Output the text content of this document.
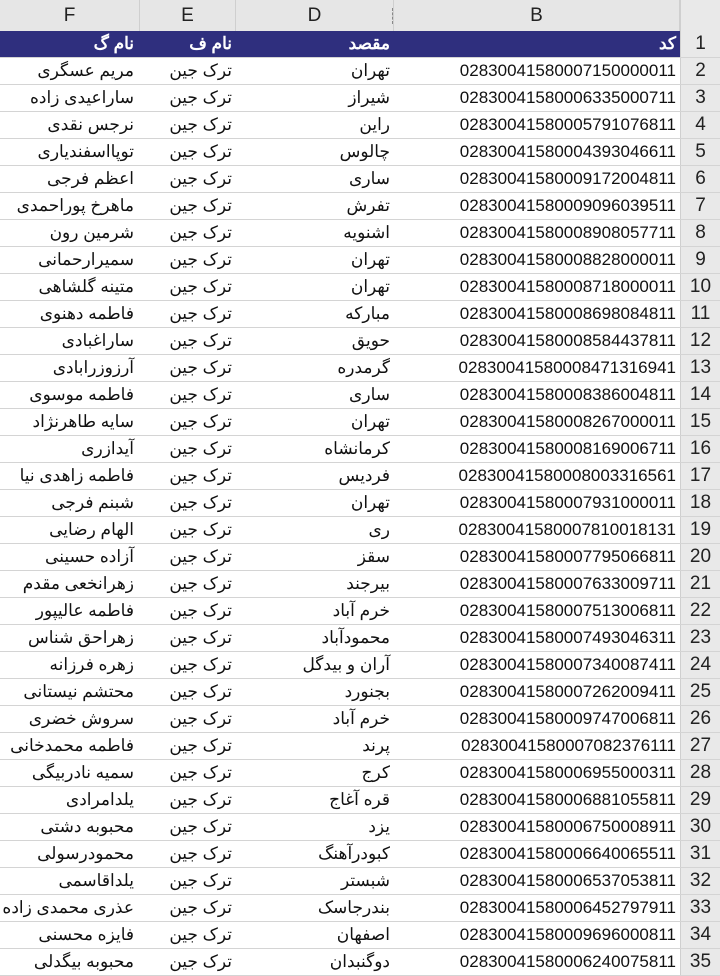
F	E	D	B
نام گ	نام ف	مقصد	کد	1
مریم عسگری	ترک جین	تهران	02830041580007150000011	2
ساراعیدی زاده	ترک جین	شیراز	02830041580006335000711	3
نرجس نقدی	ترک جین	راین	02830041580005791076811	4
توپااسفندیاری	ترک جین	چالوس	02830041580004393046611	5
اعظم فرجی	ترک جین	ساری	02830041580009172004811	6
ماهرخ پوراحمدی	ترک جین	تفرش	02830041580009096039511	7
شرمین رون	ترک جین	اشنویه	02830041580008908057711	8
سمیرارحمانی	ترک جین	تهران	02830041580008828000011	9
متینه گلشاهی	ترک جین	تهران	02830041580008718000011 10
فاطمه دهنوی	ترک جین	مبارکه	02830041580008698084811 11
ساراغبادی	ترک جین	حویق	02830041580008584437811 12
آرزوزرابادی	ترک جین	گرمدره	02830041580008471316941 13
فاطمه موسوی	ترک جین	ساری	02830041580008386004811 14
سایه طاهرنژاد	ترک جین	تهران	02830041580008267000011 15
آیدازری	ترک جین	کرمانشاه	02830041580008169006711 16
فاطمه زاهدی نیا	ترک جین	فردیس	02830041580008003316561 17
شبنم فرجی	ترک جین	تهران	02830041580007931000011 18
الهام رضایی	ترک جین	ری	02830041580007810018131 19
آزاده حسینی	ترک جین	سقز	02830041580007795066811 20
زهرانخعی مقدم	ترک جین	بیرجند	02830041580007633009711 21
فاطمه عالیپور	ترک جین	خرم آباد	02830041580007513006811 22
زهراحق شناس	ترک جین	محمودآباد	02830041580007493046311 23
زهره فرزانه	ترک جین	آران و بیدگل	02830041580007340087411 24
محتشم نیستانی	ترک جین	بجنورد	02830041580007262009411 25
سروش خضری	ترک جین	خرم آباد	02830041580009747006811 26
فاطمه محمدخانی	ترک جین	پرند	02830041580007082376111 27
سمیه نادربیگی	ترک جین	کرج	02830041580006955000311 28
یلدامرادی	ترک جین	قره آغاج	02830041580006881055811 29
محبوبه دشتی	ترک جین	یزد	02830041580006750008911 30
محمودرسولی	ترک جین	کبودرآهنگ	02830041580006640065511 31
یلداقاسمی	ترک جین	شبستر	02830041580006537053811 32
عذری محمدی زاده	ترک جین	بندرجاسک	02830041580006452797911 33
فایزه محسنی	ترک جین	اصفهان	02830041580009696000811 34
محبوبه بیگدلی	ترک جین	دوگنبدان	02830041580006240075811 35
